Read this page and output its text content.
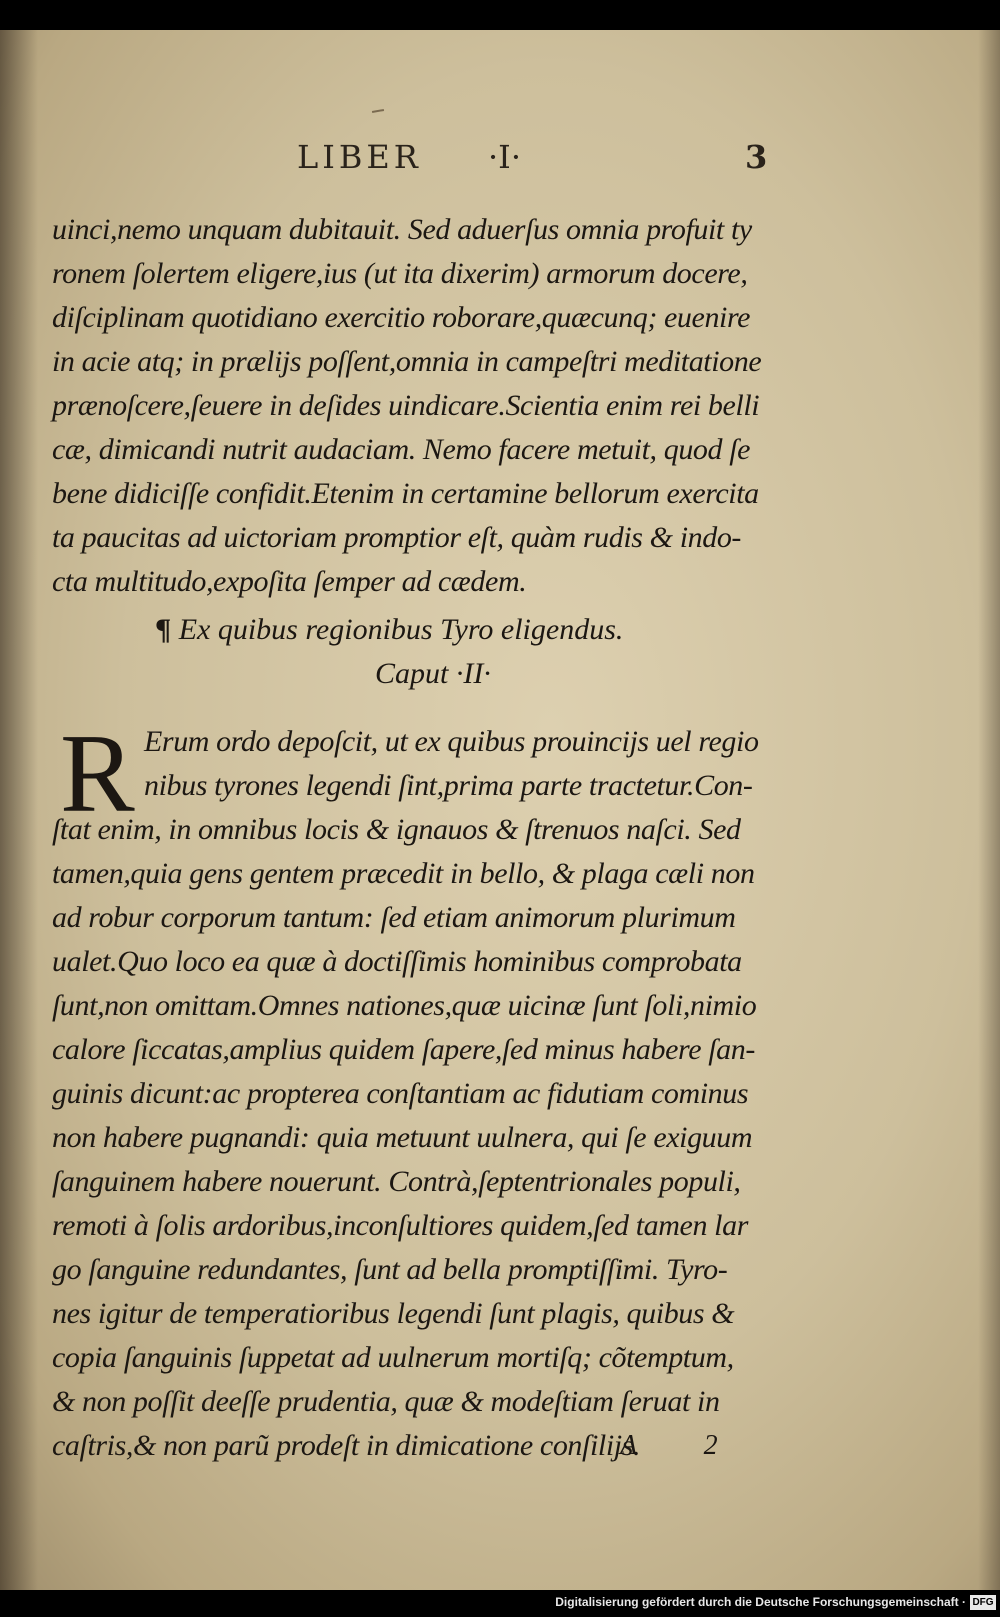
LIBER ·I·	3
uinci,nemo unquam dubitauit. Sed aduerſus omnia profuit ty
ronem ſolertem eligere,ius (ut ita dixerim) armorum docere,
diſciplinam quotidiano exercitio roborare,quæcunq; euenire
in acie atq; in prælijs poſſent,omnia in campeſtri meditatione
prænoſcere,ſeuere in deſides uindicare.Scientia enim rei belli
cæ, dimicandi nutrit audaciam. Nemo facere metuit, quod ſe
bene didiciſſe confidit.Etenim in certamine bellorum exercita
ta paucitas ad uictoriam promptior eſt, quàm rudis & indo-
cta multitudo,expoſita ſemper ad cædem.
¶ Ex quibus regionibus Tyro eligendus.
Caput ·II·
R Erum ordo depoſcit, ut ex quibus prouincijs uel regio
nibus tyrones legendi ſint,prima parte tractetur.Con-
ſtat enim, in omnibus locis & ignauos & ſtrenuos naſci. Sed
tamen,quia gens gentem præcedit in bello, & plaga cæli non
ad robur corporum tantum: ſed etiam animorum plurimum
ualet.Quo loco ea quæ à doctiſſimis hominibus comprobata
ſunt,non omittam.Omnes nationes,quæ uicinæ ſunt ſoli,nimio
calore ſiccatas,amplius quidem ſapere,ſed minus habere ſan-
guinis dicunt:ac propterea conſtantiam ac fidutiam cominus
non habere pugnandi: quia metuunt uulnera, qui ſe exiguum
ſanguinem habere nouerunt. Contrà,ſeptentrionales populi,
remoti à ſolis ardoribus,inconſultiores quidem,ſed tamen lar
go ſanguine redundantes, ſunt ad bella promptiſſimi. Tyro-
nes igitur de temperatioribus legendi ſunt plagis, quibus &
copia ſanguinis ſuppetat ad uulnerum mortiſq; cõtemptum,
& non poſſit deeſſe prudentia, quæ & modeſtiam ſeruat in
caſtris,& non parũ prodeſt in dimicatione conſilijs.
A 2
Digitalisierung gefördert durch die Deutsche Forschungsgemeinschaft · DFG
